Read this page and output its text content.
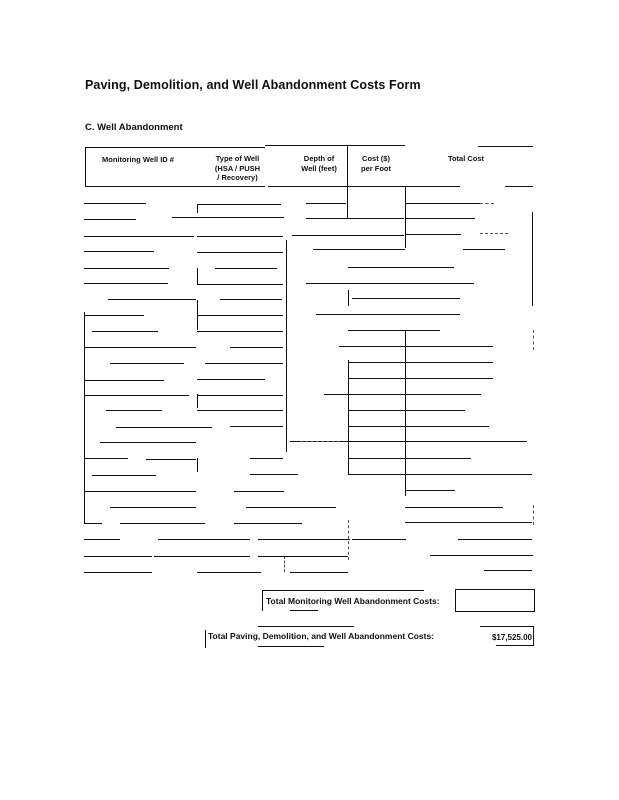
Paving, Demolition, and Well Abandonment Costs Form
C. Well Abandonment
Monitoring Well ID #	Type of Well
(HSA / PUSH
/ Recovery)
Depth of
Well (feet)
Cost ($)
per Foot
Total Cost
Total Monitoring Well Abandonment Costs:
Total Paving, Demolition, and Well Abandonment Costs:	$17,525.00
